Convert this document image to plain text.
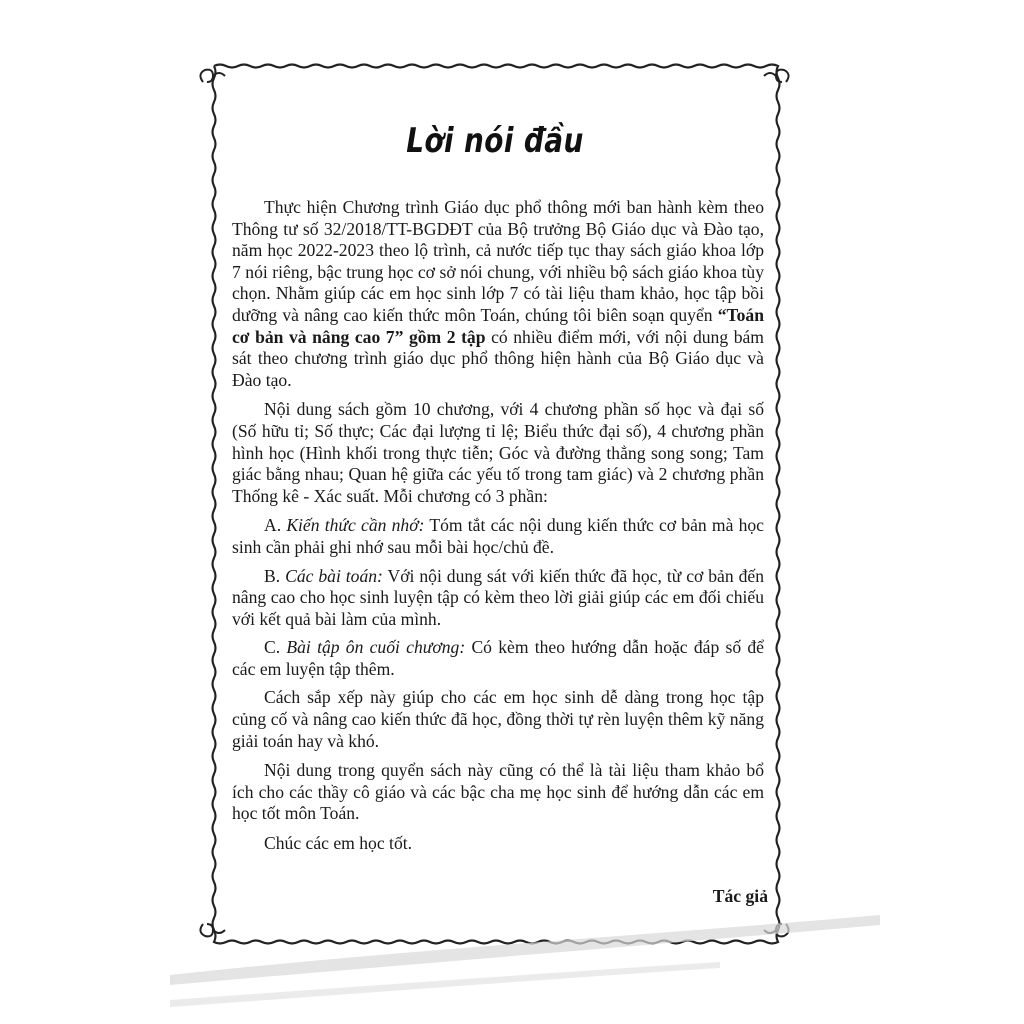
Lời nói đầu

Thực hiện Chương trình Giáo dục phổ thông mới ban hành kèm theo Thông tư số 32/2018/TT-BGDĐT của Bộ trưởng Bộ Giáo dục và Đào tạo, năm học 2022-2023 theo lộ trình, cả nước tiếp tục thay sách giáo khoa lớp 7 nói riêng, bậc trung học cơ sở nói chung, với nhiều bộ sách giáo khoa tùy chọn. Nhằm giúp các em học sinh lớp 7 có tài liệu tham khảo, học tập bồi dưỡng và nâng cao kiến thức môn Toán, chúng tôi biên soạn quyển “Toán cơ bản và nâng cao 7” gồm 2 tập có nhiều điểm mới, với nội dung bám sát theo chương trình giáo dục phổ thông hiện hành của Bộ Giáo dục và Đào tạo.

Nội dung sách gồm 10 chương, với 4 chương phần số học và đại số (Số hữu tỉ; Số thực; Các đại lượng tỉ lệ; Biểu thức đại số), 4 chương phần hình học (Hình khối trong thực tiễn; Góc và đường thẳng song song; Tam giác bằng nhau; Quan hệ giữa các yếu tố trong tam giác) và 2 chương phần Thống kê - Xác suất. Mỗi chương có 3 phần:

A. Kiến thức cần nhớ: Tóm tắt các nội dung kiến thức cơ bản mà học sinh cần phải ghi nhớ sau mỗi bài học/chủ đề.

B. Các bài toán: Với nội dung sát với kiến thức đã học, từ cơ bản đến nâng cao cho học sinh luyện tập có kèm theo lời giải giúp các em đối chiếu với kết quả bài làm của mình.

C. Bài tập ôn cuối chương: Có kèm theo hướng dẫn hoặc đáp số để các em luyện tập thêm.

Cách sắp xếp này giúp cho các em học sinh dễ dàng trong học tập củng cố và nâng cao kiến thức đã học, đồng thời tự rèn luyện thêm kỹ năng giải toán hay và khó.

Nội dung trong quyển sách này cũng có thể là tài liệu tham khảo bổ ích cho các thầy cô giáo và các bậc cha mẹ học sinh để hướng dẫn các em học tốt môn Toán.

Chúc các em học tốt.

Tác giả
